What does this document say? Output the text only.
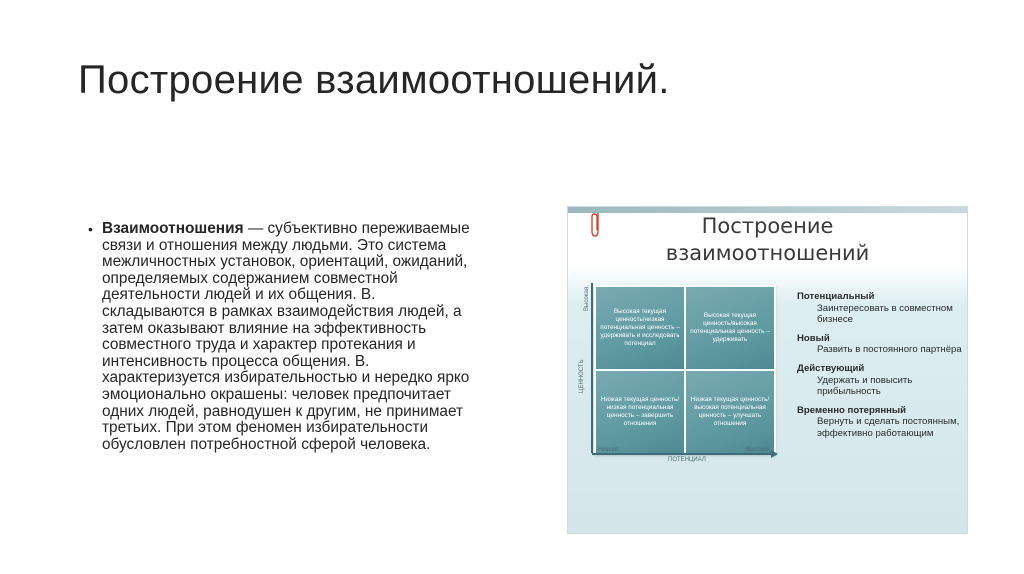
Построение взаимоотношений.
• Взаимоотношения — субъективно переживаемые связи и отношения между людьми. Это система межличностных установок, ориентаций, ожиданий, определяемых содержанием совместной деятельности людей и их общения. В. складываются в рамках взаимодействия людей, а затем оказывают влияние на эффективность совместного труда и характер протекания и интенсивность процесса общения. В. характеризуется избирательностью и нередко ярко эмоционально окрашены: человек предпочитает одних людей, равнодушен к другим, не принимает третьих. При этом феномен избирательности обусловлен потребностной сферой человека.
Построение
взаимоотношений
Высокая
ЦЕННОСТЬ
Высокая текущая ценность/низкая потенциальная ценность – удерживать и исследовать потенциал
Высокая текущая ценность/высокая потенциальная ценность – удерживать
Низкая текущая ценность/низкая потенциальная ценность – завершить отношения
Низкая текущая ценность/высокая потенциальная ценность – улучшать отношения
Низкая
ПОТЕНЦИАЛ
Высокий
Потенциальный
Заинтересовать в совместном бизнесе
Новый
Развить в постоянного партнёра
Действующий
Удержать и повысить прибыльность
Временно потерянный
Вернуть и сделать постоянным, эффективно работающим
